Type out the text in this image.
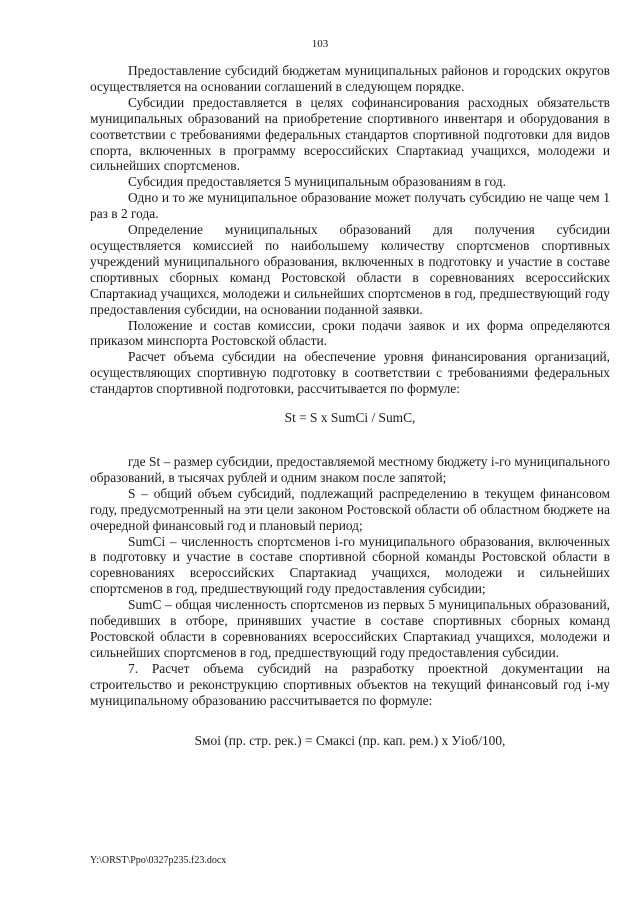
103

Предоставление субсидий бюджетам муниципальных районов и городских округов осуществляется на основании соглашений в следующем порядке.

Субсидии предоставляется в целях софинансирования расходных обязательств муниципальных образований на приобретение спортивного инвентаря и оборудования в соответствии с требованиями федеральных стандартов спортивной подготовки для видов спорта, включенных в программу всероссийских Спартакиад учащихся, молодежи и сильнейших спортсменов.

Субсидия предоставляется 5 муниципальным образованиям в год.

Одно и то же муниципальное образование может получать субсидию не чаще чем 1 раз в 2 года.

Определение муниципальных образований для получения субсидии осуществляется комиссией по наибольшему количеству спортсменов спортивных учреждений муниципального образования, включенных в подготовку и участие в составе спортивных сборных команд Ростовской области в соревнованиях всероссийских Спартакиад учащихся, молодежи и сильнейших спортсменов в год, предшествующий году предоставления субсидии, на основании поданной заявки.

Положение и состав комиссии, сроки подачи заявок и их форма определяются приказом минспорта Ростовской области.

Расчет объема субсидии на обеспечение уровня финансирования организаций, осуществляющих спортивную подготовку в соответствии с требованиями федеральных стандартов спортивной подготовки, рассчитывается по формуле:

St = S x SumCi / SumC,

где St – размер субсидии, предоставляемой местному бюджету i-го муниципального образований, в тысячах рублей и одним знаком после запятой;

S – общий объем субсидий, подлежащий распределению в текущем финансовом году, предусмотренный на эти цели законом Ростовской области об областном бюджете на очередной финансовый год и плановый период;

SumCi – численность спортсменов i-го муниципального образования, включенных в подготовку и участие в составе спортивной сборной команды Ростовской области в соревнованиях всероссийских Спартакиад учащихся, молодежи и сильнейших спортсменов в год, предшествующий году предоставления субсидии;

SumC – общая численность спортсменов из первых 5 муниципальных образований, победивших в отборе, принявших участие в составе спортивных сборных команд Ростовской области в соревнованиях всероссийских Спартакиад учащихся, молодежи и сильнейших спортсменов в год, предшествующий году предоставления субсидии.

7. Расчет объема субсидий на разработку проектной документации на строительство и реконструкцию спортивных объектов на текущий финансовый год i-му муниципальному образованию рассчитывается по формуле:

Sмоi (пр. стр. рек.) = Cмаксi (пр. кап. рем.) х Уioб/100,
Y:\ORST\Ppo\0327p235.f23.docx
